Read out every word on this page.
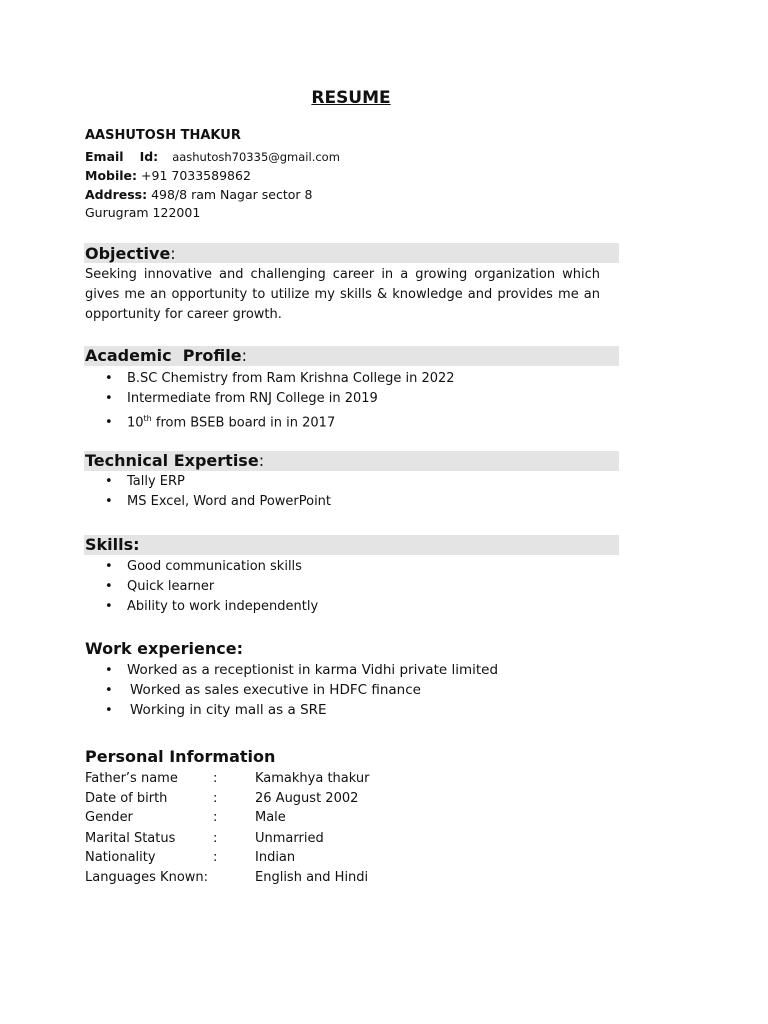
RESUME
AASHUTOSH THAKUR
Email Id: aashutosh70335@gmail.com
Mobile: +91 7033589862
Address: 498/8 ram Nagar sector 8
Gurugram 122001
Objective:
Seeking innovative and challenging career in a growing organization which gives me an opportunity to utilize my skills & knowledge and provides me an opportunity for career growth.
Academic  Profile:
• B.SC Chemistry from Ram Krishna College in 2022
• Intermediate from RNJ College in 2019
• 10th from BSEB board in in 2017
Technical Expertise:
• Tally ERP
• MS Excel, Word and PowerPoint
Skills:
• Good communication skills
• Quick learner
• Ability to work independently
Work experience:
• Worked as a receptionist in karma Vidhi private limited
• Worked as sales executive in HDFC finance
• Working in city mall as a SRE
Personal Information
Father’s name	:	Kamakhya thakur
Date of birth	:	26 August 2002
Gender	:	Male
Marital Status	:	Unmarried
Nationality	:	Indian
Languages Known:	English and Hindi
